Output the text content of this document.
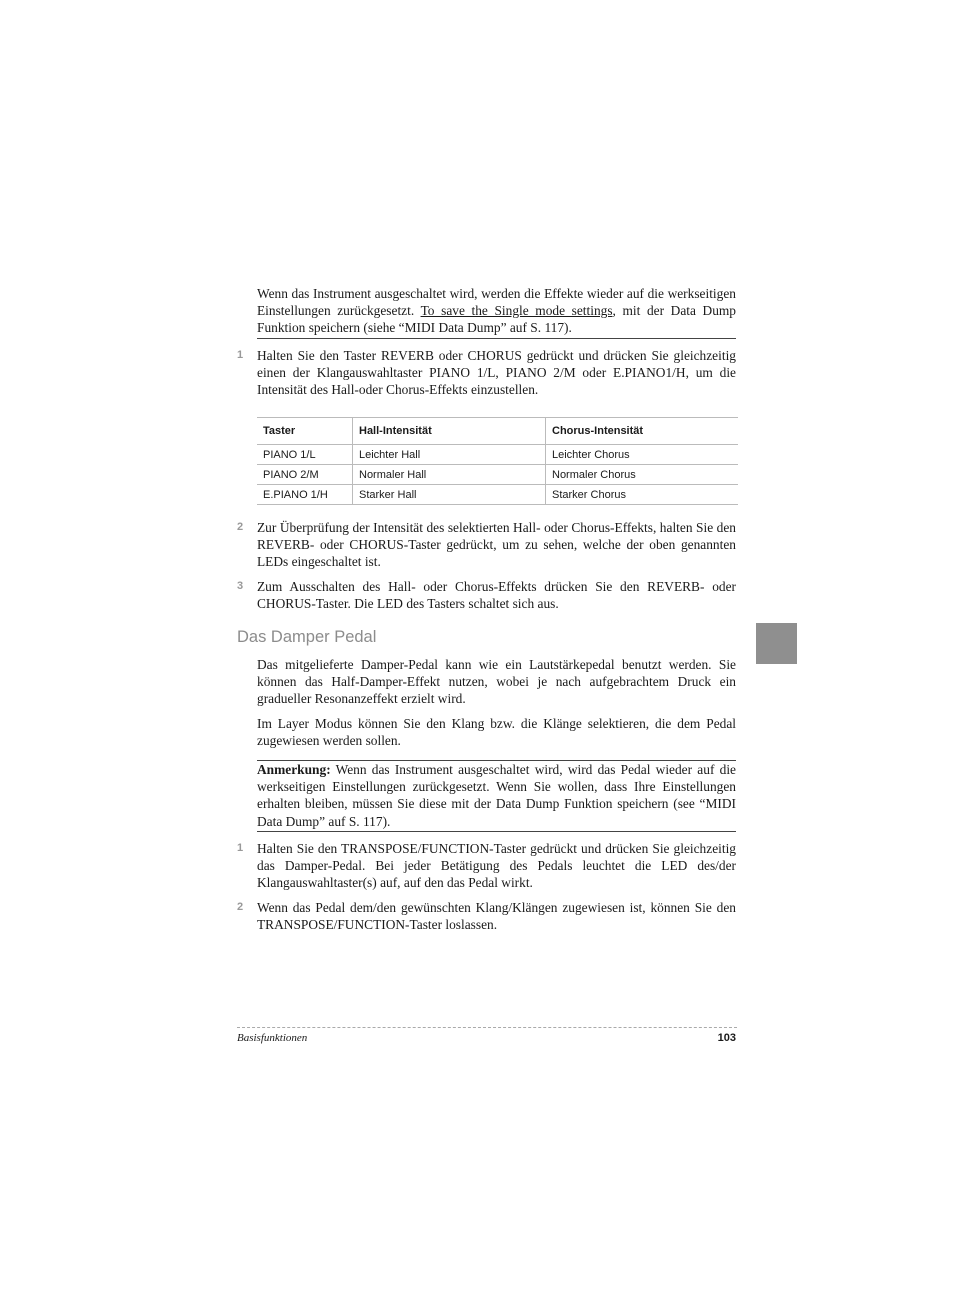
Wenn das Instrument ausgeschaltet wird, werden die Effekte wieder auf die werkseitigen Einstellungen zurückgesetzt. To save the Single mode settings, mit der Data Dump Funktion speichern (siehe “MIDI Data Dump” auf S. 117).

1 Halten Sie den Taster REVERB oder CHORUS gedrückt und drücken Sie gleichzeitig einen der Klangauswahltaster PIANO 1/L, PIANO 2/M oder E.PIANO1/H, um die Intensität des Hall-oder Chorus-Effekts einzustellen.

Taster	Hall-Intensität	Chorus-Intensität
PIANO 1/L	Leichter Hall	Leichter Chorus
PIANO 2/M	Normaler Hall	Normaler Chorus
E.PIANO 1/H	Starker Hall	Starker Chorus
2 Zur Überprüfung der Intensität des selektierten Hall- oder Chorus-Effekts, halten Sie den REVERB- oder CHORUS-Taster gedrückt, um zu sehen, welche der oben genannten LEDs eingeschaltet ist.

3 Zum Ausschalten des Hall- oder Chorus-Effekts drücken Sie den REVERB- oder CHORUS-Taster. Die LED des Tasters schaltet sich aus.

Das Damper Pedal

Das mitgelieferte Damper-Pedal kann wie ein Lautstärkepedal benutzt werden. Sie können das Half-Damper-Effekt nutzen, wobei je nach aufgebrachtem Druck ein gradueller Resonanzeffekt erzielt wird.

Im Layer Modus können Sie den Klang bzw. die Klänge selektieren, die dem Pedal zugewiesen werden sollen.

Anmerkung: Wenn das Instrument ausgeschaltet wird, wird das Pedal wieder auf die werkseitigen Einstellungen zurückgesetzt. Wenn Sie wollen, dass Ihre Einstellungen erhalten bleiben, müssen Sie diese mit der Data Dump Funktion speichern (see “MIDI Data Dump” auf S. 117).

1 Halten Sie den TRANSPOSE/FUNCTION-Taster gedrückt und drücken Sie gleichzeitig das Damper-Pedal. Bei jeder Betätigung des Pedals leuchtet die LED des/der Klangauswahltaster(s) auf, auf den das Pedal wirkt.

2 Wenn das Pedal dem/den gewünschten Klang/Klängen zugewiesen ist, können Sie den TRANSPOSE/FUNCTION-Taster loslassen.

Basisfunktionen	103
